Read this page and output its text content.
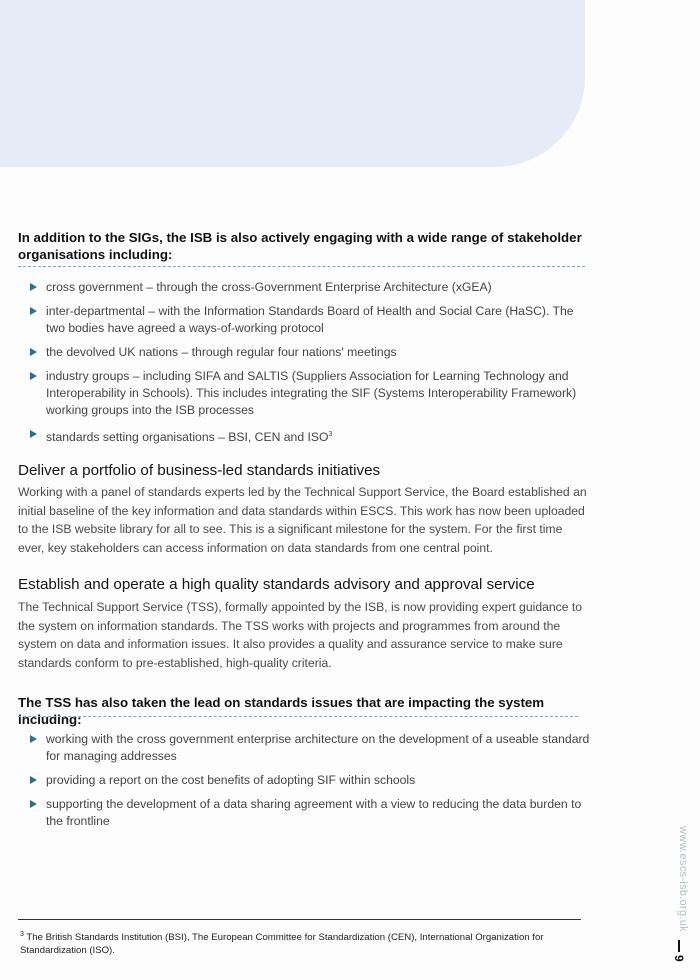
In addition to the SIGs, the ISB is also actively engaging with a wide range of stakeholder organisations including:
cross government – through the cross-Government Enterprise Architecture (xGEA)
inter-departmental – with the Information Standards Board of Health and Social Care (HaSC). The two bodies have agreed a ways-of-working protocol
the devolved UK nations – through regular four nations' meetings
industry groups – including SIFA and SALTIS (Suppliers Association for Learning Technology and Interoperability in Schools). This includes integrating the SIF (Systems Interoperability Framework) working groups into the ISB processes
standards setting organisations – BSI, CEN and ISO$^3$
Deliver a portfolio of business-led standards initiatives
Working with a panel of standards experts led by the Technical Support Service, the Board established an initial baseline of the key information and data standards within ESCS. This work has now been uploaded to the ISB website library for all to see. This is a significant milestone for the system. For the first time ever, key stakeholders can access information on data standards from one central point.
Establish and operate a high quality standards advisory and approval service
The Technical Support Service (TSS), formally appointed by the ISB, is now providing expert guidance to the system on information standards. The TSS works with projects and programmes from around the system on data and information issues. It also provides a quality and assurance service to make sure standards conform to pre-established, high-quality criteria.
The TSS has also taken the lead on standards issues that are impacting the system including:
working with the cross government enterprise architecture on the development of a useable standard for managing addresses
providing a report on the cost benefits of adopting SIF within schools
supporting the development of a data sharing agreement with a view to reducing the data burden to the frontline
$^3$ The British Standards Institution (BSI), The European Committee for Standardization (CEN), International Organization for Standardization (ISO).
www.escs-isb.org.uk
9
